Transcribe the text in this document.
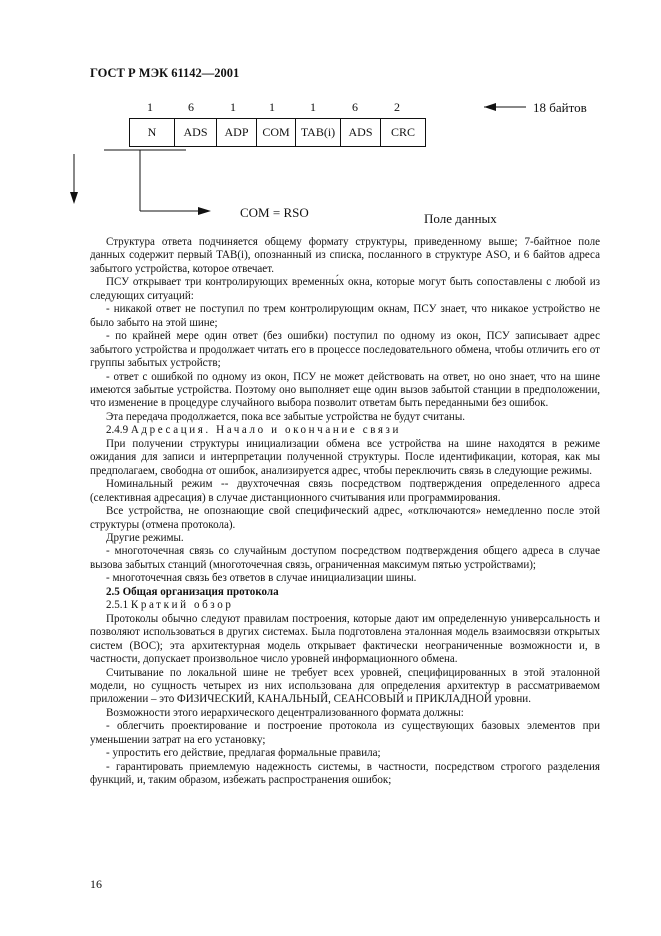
ГОСТ Р МЭК 61142—2001
1	6	1	1	1	6	2
N	ADS	ADP	COM	TAB(i)	ADS	CRC
18 байтов
COM = RSO	Поле данных

Структура ответа подчиняется общему формату структуры, приведенному выше; 7-байтное поле данных содержит первый TAB(i), опознанный из списка, посланного в структуре ASO, и 6 байтов адреса забытого устройства, которое отвечает.

ПСУ открывает три контролирующих временны́х окна, которые могут быть сопоставлены с любой из следующих ситуаций:

- никакой ответ не поступил по трем контролирующим окнам, ПСУ знает, что никакое устройство не было забыто на этой шине;

- по крайней мере один ответ (без ошибки) поступил по одному из окон, ПСУ записывает адрес забытого устройства и продолжает читать его в процессе последовательного обмена, чтобы отличить его от группы забытых устройств;

- ответ с ошибкой по одному из окон, ПСУ не может действовать на ответ, но оно знает, что на шине имеются забытые устройства. Поэтому оно выполняет еще один вызов забытой станции в предположении, что изменение в процедуре случайного выбора позволит ответам быть переданными без ошибок.

Эта передача продолжается, пока все забытые устройства не будут считаны.

2.4.9 Адресация. Начало и окончание связи

При получении структуры инициализации обмена все устройства на шине находятся в режиме ожидания для записи и интерпретации полученной структуры. После идентификации, которая, как мы предполагаем, свободна от ошибок, анализируется адрес, чтобы переключить связь в следующие режимы.

Номинальный режим -- двухточечная связь посредством подтверждения определенного адреса (селективная адресация) в случае дистанционного считывания или программирования.

Все устройства, не опознающие свой специфический адрес, «отключаются» немедленно после этой структуры (отмена протокола).

Другие режимы.

- многоточечная связь со случайным доступом посредством подтверждения общего адреса в случае вызова забытых станций (многоточечная связь, ограниченная максимум пятью устройствами);

- многоточечная связь без ответов в случае инициализации шины.

2.5 Общая организация протокола

2.5.1 Краткий обзор

Протоколы обычно следуют правилам построения, которые дают им определенную универсальность и позволяют использоваться в других системах. Была подготовлена эталонная модель взаимосвязи открытых систем (ВОС); эта архитектурная модель открывает фактически неограниченные возможности и, в частности, допускает произвольное число уровней информационного обмена.

Считывание по локальной шине не требует всех уровней, специфицированных в этой эталонной модели, но сущность четырех из них использована для определения архитектур в рассматриваемом приложении – это ФИЗИЧЕСКИЙ, КАНАЛЬНЫЙ, СЕАНСОВЫЙ и ПРИКЛАДНОЙ уровни.

Возможности этого иерархического децентрализованного формата должны:

- облегчить проектирование и построение протокола из существующих базовых элементов при уменьшении затрат на его установку;

- упростить его действие, предлагая формальные правила;

- гарантировать приемлемую надежность системы, в частности, посредством строгого разделения функций, и, таким образом, избежать распространения ошибок;

16
